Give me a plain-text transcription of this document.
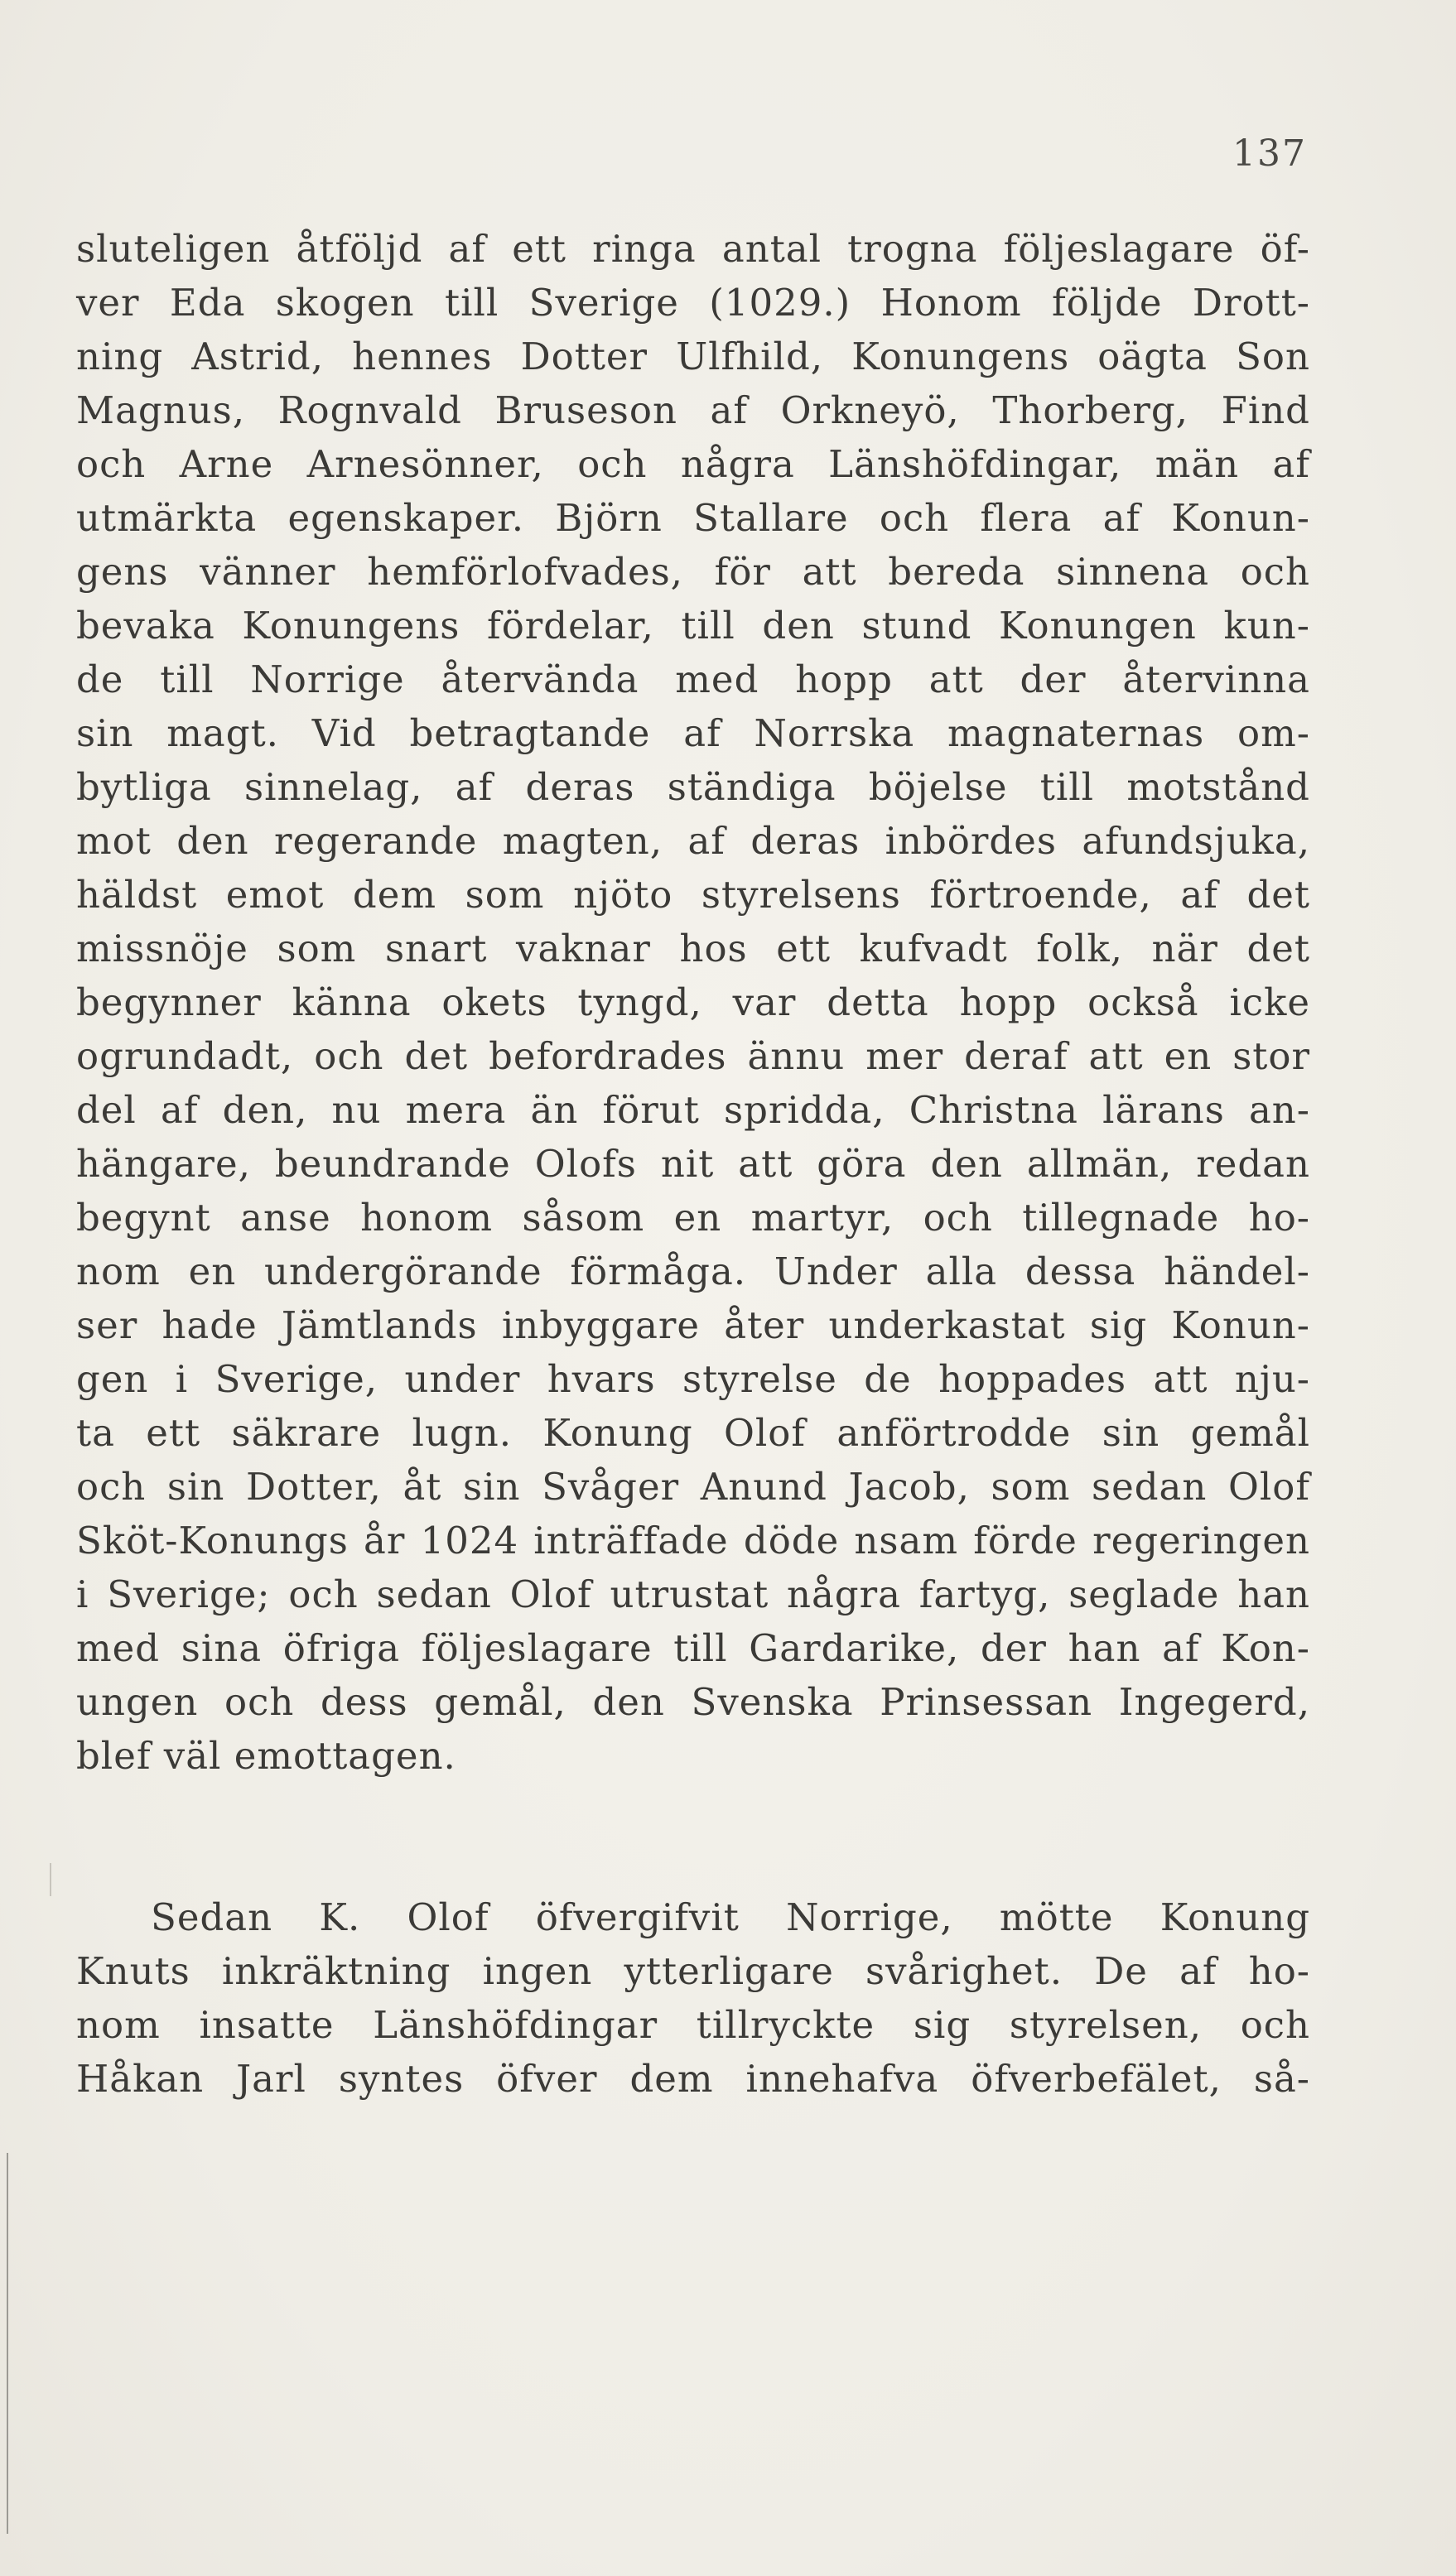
137
sluteligen åtföljd af ett ringa antal trogna följeslagare öf-
ver Eda skogen till Sverige (1029.) Honom följde Drott-
ning Astrid, hennes Dotter Ulfhild, Konungens oägta Son
Magnus, Rognvald Bruseson af Orkneyö, Thorberg, Find
och Arne Arnesönner, och några Länshöfdingar, män af
utmärkta egenskaper. Björn Stallare och flera af Konun-
gens vänner hemförlofvades, för att bereda sinnena och
bevaka Konungens fördelar, till den stund Konungen kun-
de till Norrige återvända med hopp att der återvinna
sin magt. Vid betragtande af Norrska magnaternas om-
bytliga sinnelag, af deras ständiga böjelse till motstånd
mot den regerande magten, af deras inbördes afundsjuka,
häldst emot dem som njöto styrelsens förtroende, af det
missnöje som snart vaknar hos ett kufvadt folk, när det
begynner känna okets tyngd, var detta hopp också icke
ogrundadt, och det befordrades ännu mer deraf att en stor
del af den, nu mera än förut spridda, Christna lärans an-
hängare, beundrande Olofs nit att göra den allmän, redan
begynt anse honom såsom en martyr, och tillegnade ho-
nom en undergörande förmåga. Under alla dessa händel-
ser hade Jämtlands inbyggare åter underkastat sig Konun-
gen i Sverige, under hvars styrelse de hoppades att nju-
ta ett säkrare lugn. Konung Olof anförtrodde sin gemål
och sin Dotter, åt sin Svåger Anund Jacob, som sedan Olof
Sköt-Konungs år 1024 inträffade döde nsam förde regeringen
i Sverige; och sedan Olof utrustat några fartyg, seglade han
med sina öfriga följeslagare till Gardarike, der han af Kon-
ungen och dess gemål, den Svenska Prinsessan Ingegerd,
blef väl emottagen.
Sedan K. Olof öfvergifvit Norrige, mötte Konung
Knuts inkräktning ingen ytterligare svårighet. De af ho-
nom insatte Länshöfdingar tillryckte sig styrelsen, och
Håkan Jarl syntes öfver dem innehafva öfverbefälet, så-
